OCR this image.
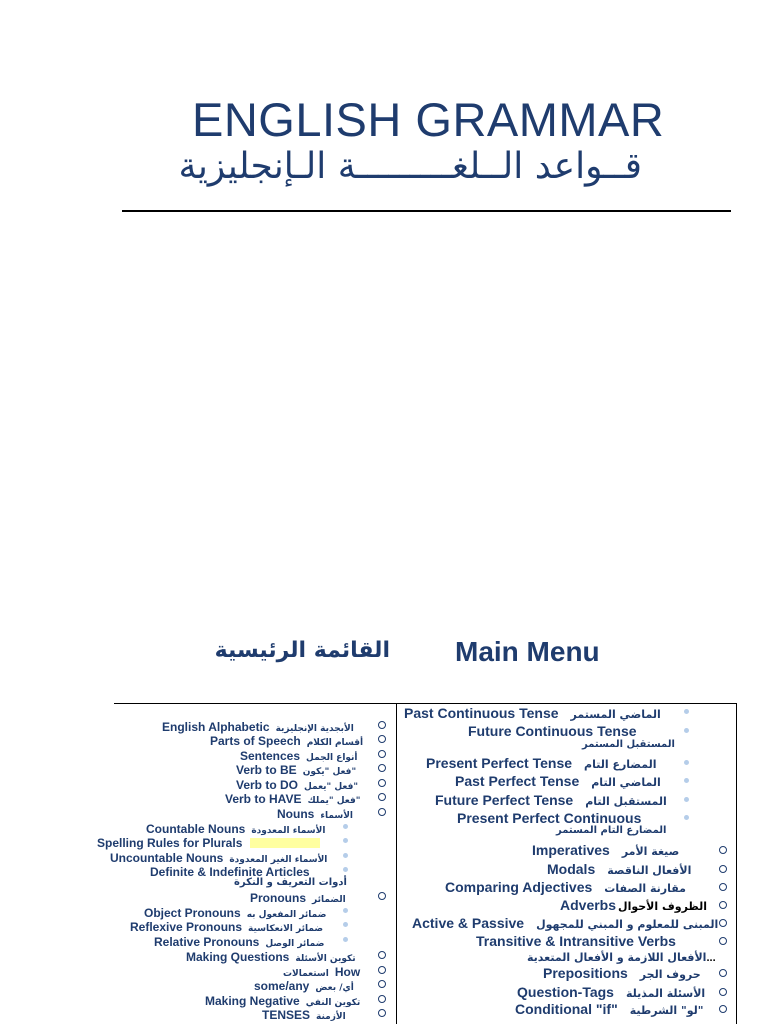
ENGLISH GRAMMAR
قــواعد الــلغـــــــــة الـإنجليزية
القائمة الرئيسية Main Menu
English Alphabetic الأبجدية الإنجليزية
Parts of Speech أقسام الكلام
Sentences أنواع الجمل
Verb to BE فعل "يكون"
Verb to DO فعل "يعمل"
Verb to HAVE فعل "يملك"
Nouns الأسماء
Countable Nouns الأسماء المعدودة
Spelling Rules for Plurals
Uncountable Nouns الأسماء الغير المعدودة
Definite & Indefinite Articles
أدوات التعريف و النكرة
Pronouns الضمائر
Object Pronouns ضمائر المفعول به
Reflexive Pronouns ضمائر الانعكاسية
Relative Pronouns ضمائر الوصل
Making Questions تكوين الأسئلة
استعمالات How
some/any أي/ بعض
Making Negative تكوين النفي
TENSES الأزمنة
Past Continuous Tense الماضي المستمر
Future Continuous Tense
المستقبل المستمر
Present Perfect Tense المضارع التام
Past Perfect Tense الماضي التام
Future Perfect Tense المستقبل التام
Present Perfect Continuous
المضارع التام المستمر
Imperatives صيغة الأمر
Modals الأفعال الناقصة
Comparing Adjectives مقارنة الصفات
Adverbs الظروف الأحوال
Active & Passive المبنى للمعلوم و المبني للمجهول
Transitive & Intransitive Verbs
الأفعال اللازمة و الأفعال المتعدية...
Prepositions حروف الجر
Question-Tags الأسئلة المذيلة
Conditional "if" لو" الشرطية"
